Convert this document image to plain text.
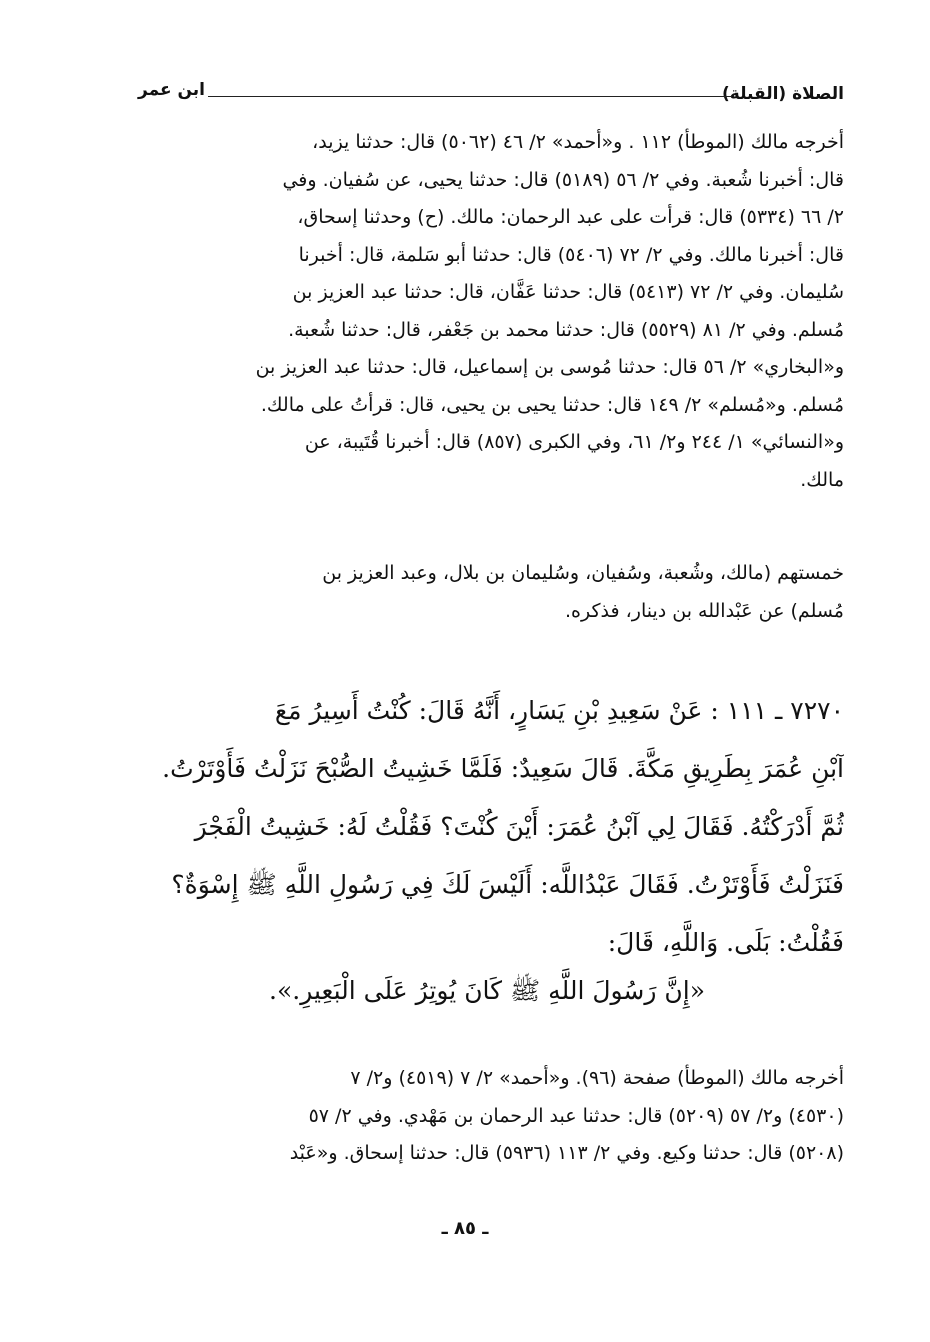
الصلاة (القبلة)
ابن عمر
أخرجه مالك (الموطأ) ١١٢ . و«أحمد» ٢/ ٤٦ (٥٠٦٢) قال: حدثنا يزيد،
قال: أخبرنا شُعبة. وفي ٢/ ٥٦ (٥١٨٩) قال: حدثنا يحيى، عن سُفيان. وفي
٢/ ٦٦ (٥٣٣٤) قال: قرأت على عبد الرحمان: مالك. (ح) وحدثنا إسحاق،
قال: أخبرنا مالك. وفي ٢/ ٧٢ (٥٤٠٦) قال: حدثنا أبو سَلمة، قال: أخبرنا
سُليمان. وفي ٢/ ٧٢ (٥٤١٣) قال: حدثنا عَفَّان، قال: حدثنا عبد العزيز بن
مُسلم. وفي ٢/ ٨١ (٥٥٢٩) قال: حدثنا محمد بن جَعْفر، قال: حدثنا شُعبة.
و«البخاري» ٢/ ٥٦ قال: حدثنا مُوسى بن إسماعيل، قال: حدثنا عبد العزيز بن
مُسلم. و«مُسلم» ٢/ ١٤٩ قال: حدثنا يحيى بن يحيى، قال: قرأتُ على مالك.
و«النسائي» ١/ ٢٤٤ و٢/ ٦١، وفي الكبرى (٨٥٧) قال: أخبرنا قُتَيبة، عن
مالك.
خمستهم (مالك، وشُعبة، وسُفيان، وسُليمان بن بلال، وعبد العزيز بن
مُسلم) عن عَبْدالله بن دينار، فذكره.
٧٢٧٠ ـ ١١١ : عَنْ سَعِيدِ بْنِ يَسَارٍ، أَنَّهُ قَالَ: كُنْتُ أَسِيرُ مَعَ
آبْنِ عُمَرَ بِطَرِيقِ مَكَّةَ. قَالَ سَعِيدٌ: فَلَمَّا خَشِيتُ الصُّبْحَ نَزَلْتُ فَأَوْتَرْتُ.
ثُمَّ أَدْرَكْتُهُ. فَقَالَ لِي آبْنُ عُمَرَ: أَيْنَ كُنْتَ؟ فَقُلْتُ لَهُ: خَشِيتُ الْفَجْرَ
فَنَزَلْتُ فَأَوْتَرْتُ. فَقَالَ عَبْدُاللَّه: أَلَيْسَ لَكَ فِي رَسُولِ اللَّهِ ﷺ إِسْوَةٌ؟
فَقُلْتُ: بَلَى. وَاللَّهِ، قَالَ:
«إِنَّ رَسُولَ اللَّهِ ﷺ كَانَ يُوتِرُ عَلَى الْبَعِيرِ.».
أخرجه مالك (الموطأ) صفحة (٩٦). و«أحمد» ٢/ ٧ (٤٥١٩) و٢/ ٧
(٤٥٣٠) و٢/ ٥٧ (٥٢٠٩) قال: حدثنا عبد الرحمان بن مَهْدي. وفي ٢/ ٥٧
(٥٢٠٨) قال: حدثنا وكيع. وفي ٢/ ١١٣ (٥٩٣٦) قال: حدثنا إسحاق. و«عَبْد
ـ ٨٥ ـ
